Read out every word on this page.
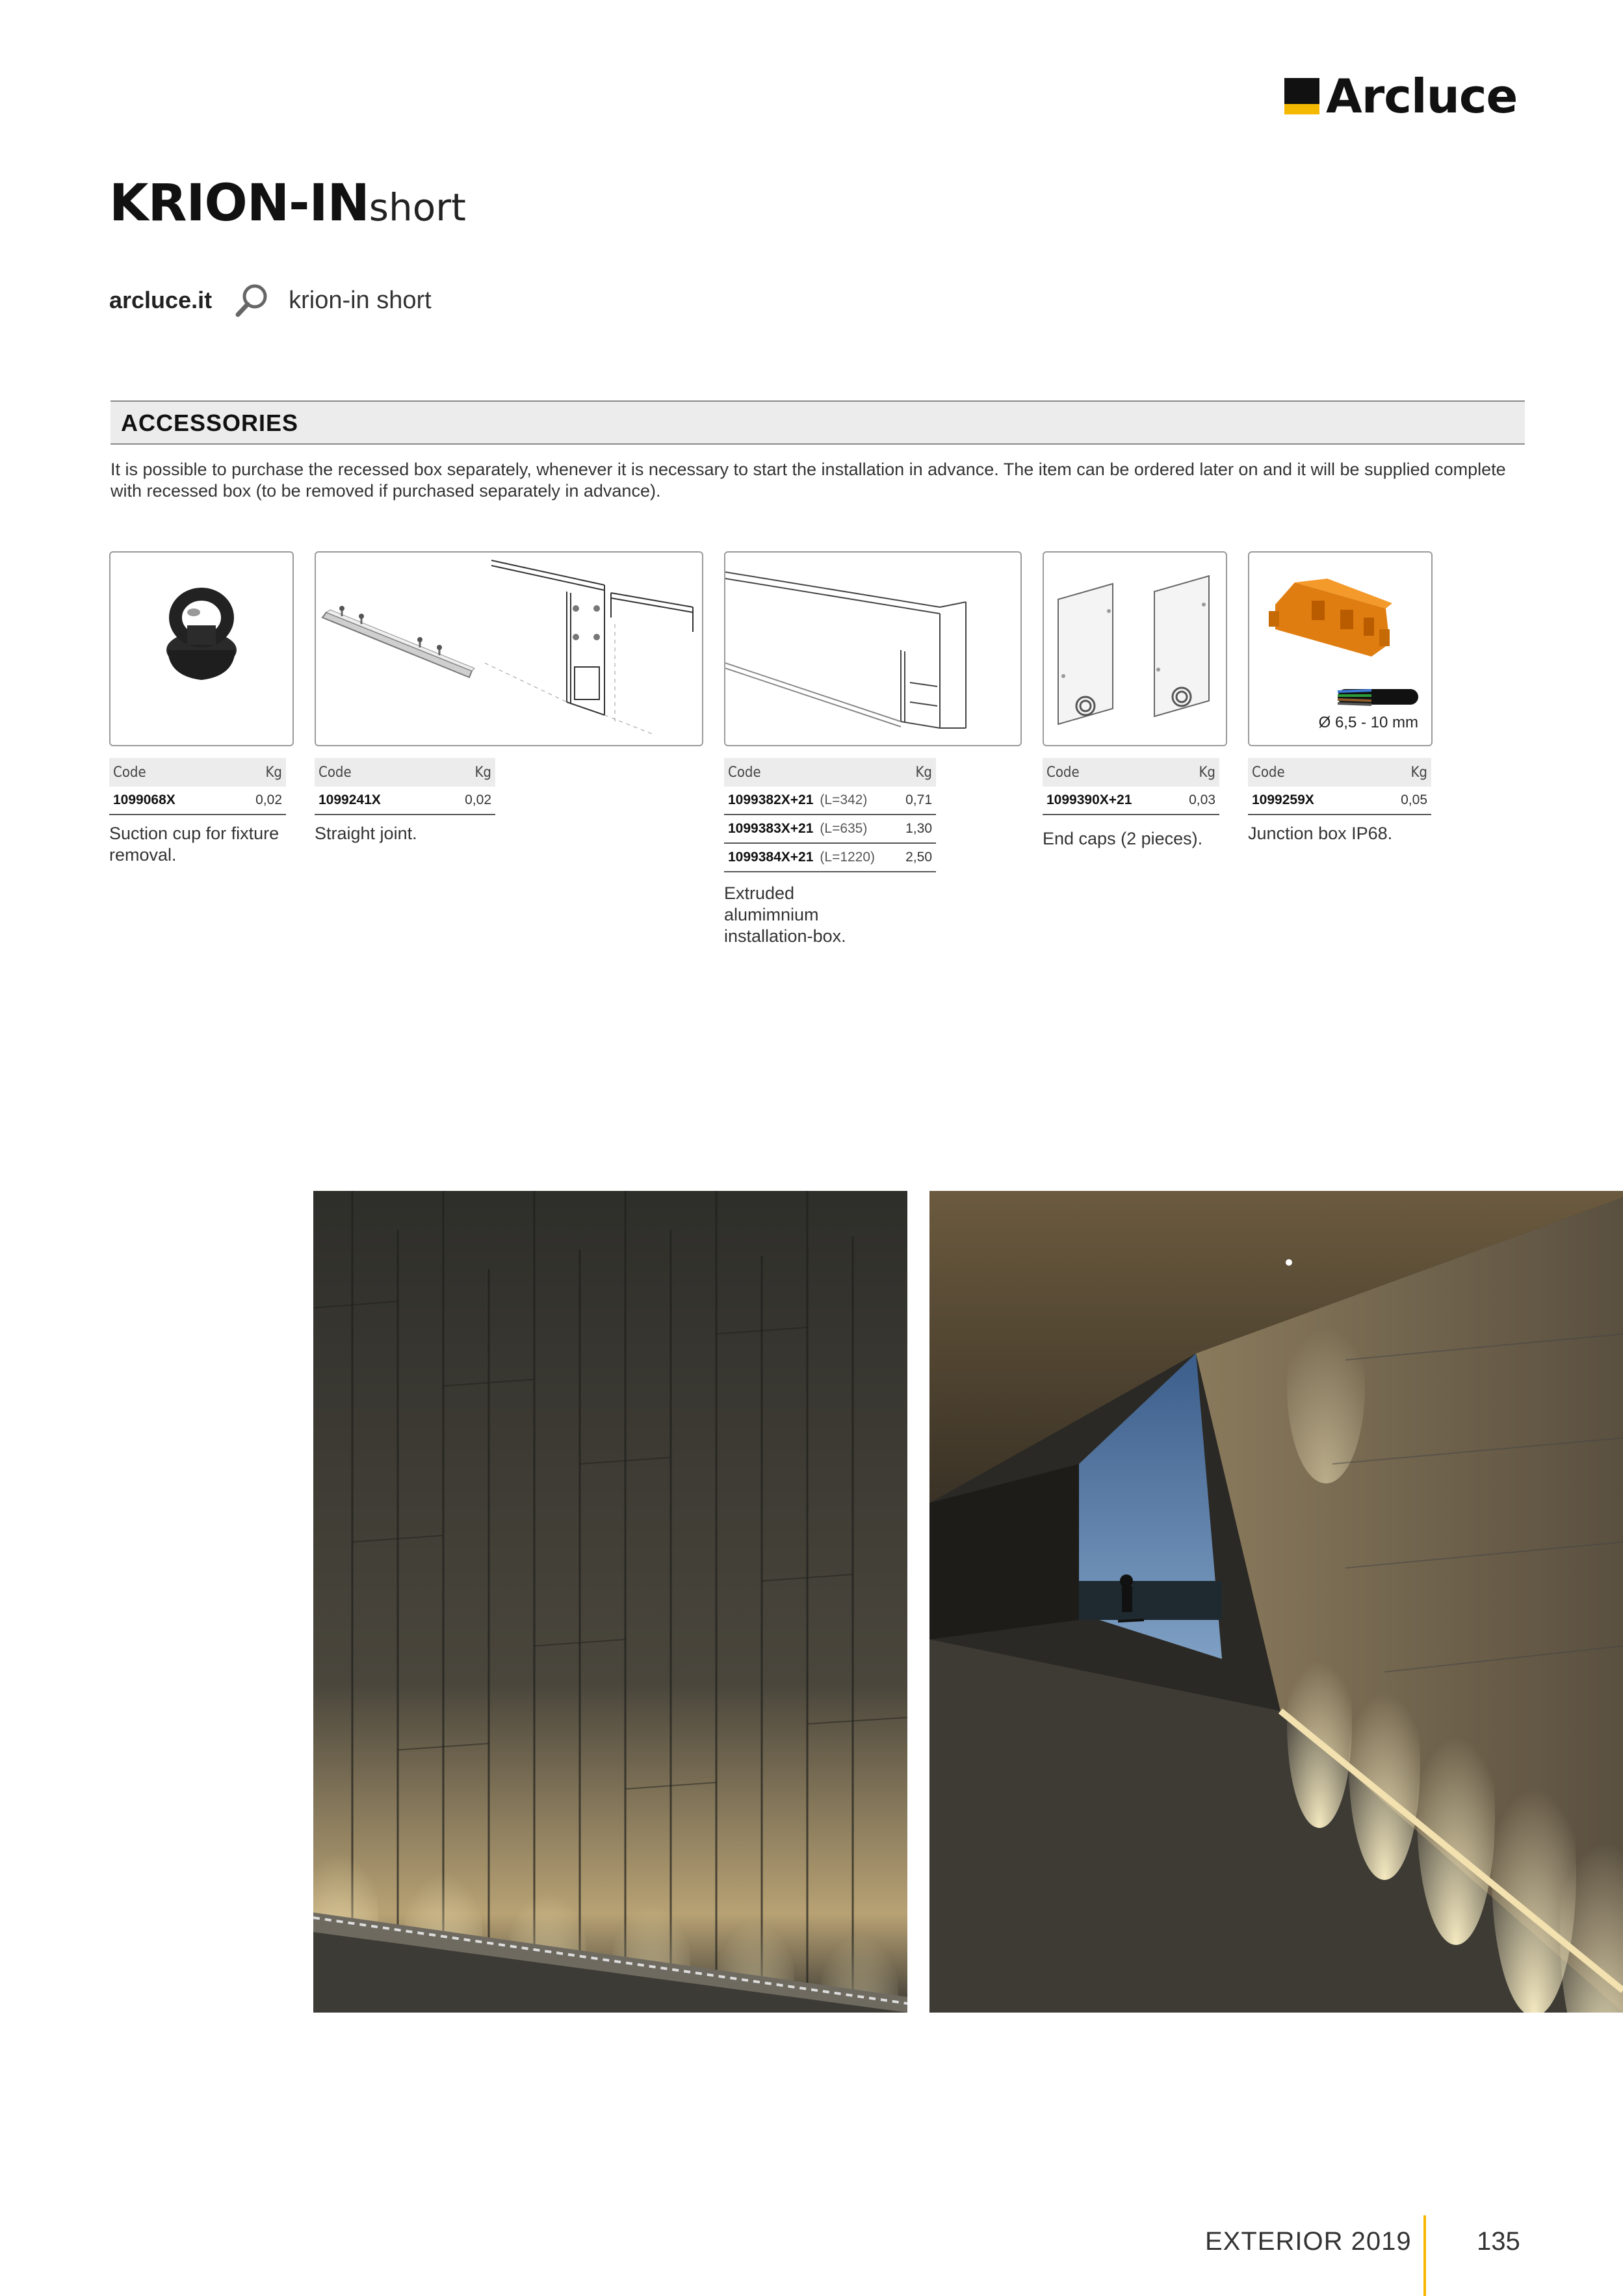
Arcluce
KRION-INshort
arcluce.it	krion-in short
ACCESSORIES
It is possible to purchase the recessed box separately, whenever it is necessary to start the installation in advance. The item can be ordered later on and it will be supplied complete with recessed box (to be removed if purchased separately in advance).
Ø 6,5 - 10 mm
Code	Kg
1099068X	0,02
Suction cup for fixture removal.
Code	Kg
1099241X	0,02
Straight joint.
Code	Kg
1099382X+21 (L=342)	0,71
1099383X+21 (L=635)	1,30
1099384X+21 (L=1220) 2,50
Extruded alumimnium installation-box.
Code	Kg
1099390X+21	0,03
End caps (2 pieces).
Code	Kg
1099259X	0,05
Junction box IP68.
EXTERIOR 2019	135
